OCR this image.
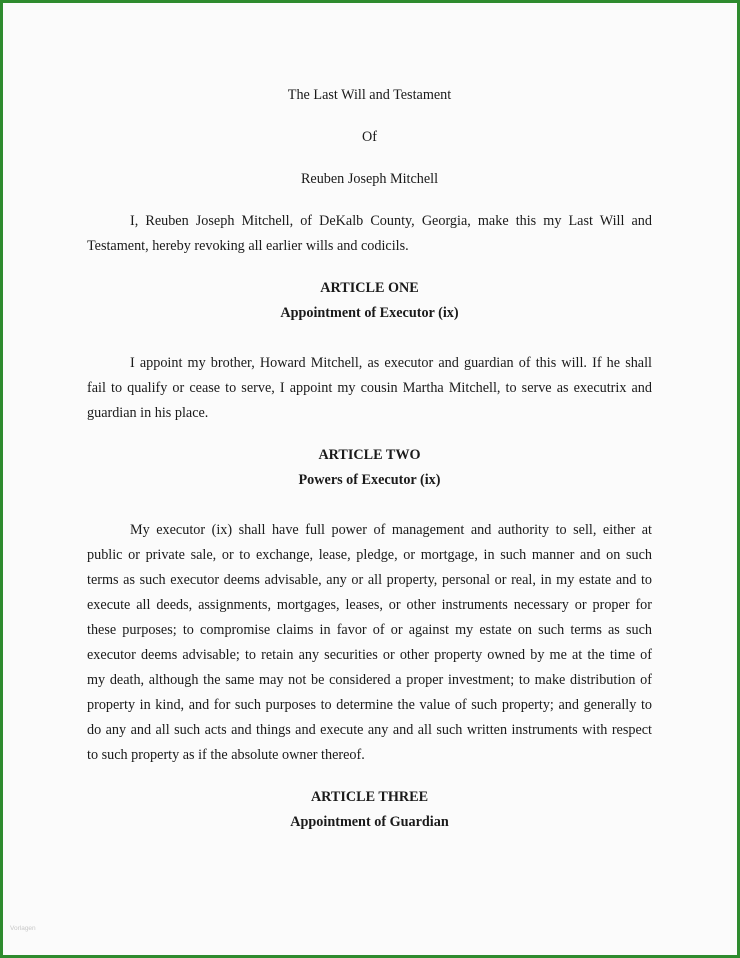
The Last Will and Testament
Of
Reuben Joseph Mitchell
I, Reuben Joseph Mitchell, of DeKalb County, Georgia, make this my Last Will and
Testament, hereby revoking all earlier wills and codicils.
ARTICLE ONE
Appointment of Executor (ix)
I appoint my brother, Howard Mitchell, as executor and guardian of this will. If he shall
fail to qualify or cease to serve, I appoint my cousin Martha Mitchell, to serve as executrix and
guardian in his place.
ARTICLE TWO
Powers of Executor (ix)
My executor (ix) shall have full power of management and authority to sell, either at
public or private sale, or to exchange, lease, pledge, or mortgage, in such manner and on such
terms as such executor deems advisable, any or all property, personal or real, in my estate and to
execute all deeds, assignments, mortgages, leases, or other instruments necessary or proper for
these purposes; to compromise claims in favor of or against my estate on such terms as such
executor deems advisable; to retain any securities or other property owned by me at the time of
my death, although the same may not be considered a proper investment; to make distribution of
property in kind, and for such purposes to determine the value of such property; and generally to
do any and all such acts and things and execute any and all such written instruments with respect
to such property as if the absolute owner thereof.
ARTICLE THREE
Appointment of Guardian
Vorlagen
